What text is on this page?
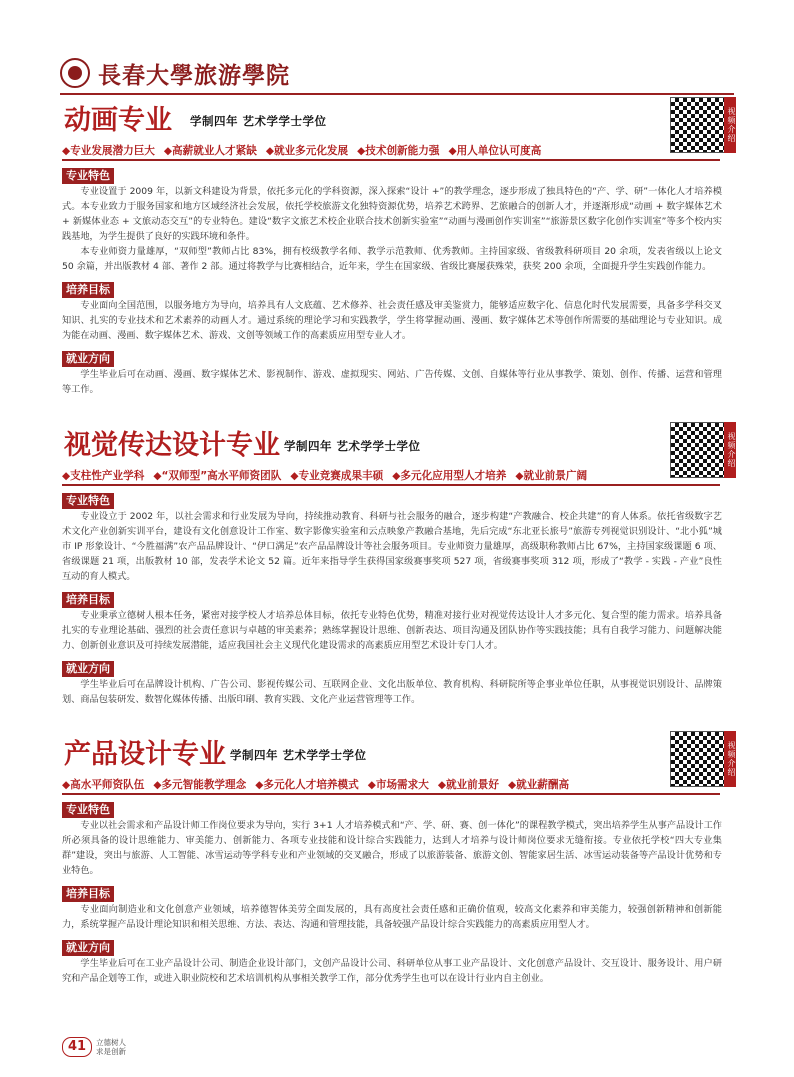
長春大學旅游學院
动画专业 学制四年 艺术学学士学位	视频介绍
◆专业发展潜力巨大 ◆高薪就业人才紧缺 ◆就业多元化发展 ◆技术创新能力强 ◆用人单位认可度高
专业特色

专业设置于 2009 年，以新文科建设为背景，依托多元化的学科资源，深入探索“设计 +”的教学理念，逐步形成了独具特色的“产、学、研”一体化人才培养模式。本专业致力于服务国家和地方区域经济社会发展，依托学校旅游文化独特资源优势，培养艺术跨界、艺旅融合的创新人才，并逐渐形成“动画 + 数字媒体艺术 + 新媒体业态 + 文旅动态交互”的专业特色。建设“数字文旅艺术校企业联合技术创新实验室”“动画与漫画创作实训室”“旅游景区数字化创作实训室”等多个校内实践基地，为学生提供了良好的实践环境和条件。

本专业师资力量雄厚，“双师型”教师占比 83%，拥有校级教学名师、教学示范教师、优秀教师。主持国家级、省级教科研项目 20 余项，发表省级以上论文 50 余篇，并出版教材 4 部、著作 2 部。通过将教学与比赛相结合，近年来，学生在国家级、省级比赛屡获殊荣，获奖 200 余项，全面提升学生实践创作能力。

培养目标

专业面向全国范围，以服务地方为导向，培养具有人文底蕴、艺术修养、社会责任感及审美鉴赏力，能够适应数字化、信息化时代发展需要，具备多学科交叉知识、扎实的专业技术和艺术素养的动画人才。通过系统的理论学习和实践教学，学生将掌握动画、漫画、数字媒体艺术等创作所需要的基础理论与专业知识。成为能在动画、漫画、数字媒体艺术、游戏、文创等领域工作的高素质应用型专业人才。

就业方向

学生毕业后可在动画、漫画、数字媒体艺术、影视制作、游戏、虚拟现实、网站、广告传媒、文创、自媒体等行业从事教学、策划、创作、传播、运营和管理等工作。

视觉传达设计专业 学制四年 艺术学学士学位	视频介绍
◆支柱性产业学科 ◆“双师型”高水平师资团队 ◆专业竞赛成果丰硕 ◆多元化应用型人才培养 ◆就业前景广阔
专业特色

专业设立于 2002 年，以社会需求和行业发展为导向，持续推动教育、科研与社会服务的融合，逐步构建“产教融合、校企共建”的育人体系。依托省级数字艺术文化产业创新实训平台，建设有文化创意设计工作室、数字影像实验室和云点映象产教融合基地，先后完成“东北亚长旅号”旅游专列视觉识别设计、“北小狐”城市 IP 形象设计、“今胜福满”农产品品牌设计、“伊口满足”农产品品牌设计等社会服务项目。专业师资力量雄厚，高级职称教师占比 67%，主持国家级课题 6 项、省级课题 21 项，出版教材 10 部，发表学术论文 52 篇。近年来指导学生获得国家级赛事奖项 527 项，省级赛事奖项 312 项，形成了“教学 - 实践 - 产业”良性互动的育人模式。

培养目标

专业秉承立德树人根本任务，紧密对接学校人才培养总体目标，依托专业特色优势，精准对接行业对视觉传达设计人才多元化、复合型的能力需求。培养具备扎实的专业理论基础、强烈的社会责任意识与卓越的审美素养；熟练掌握设计思维、创新表达、项目沟通及团队协作等实践技能；具有自我学习能力、问题解决能力、创新创业意识及可持续发展潜能，适应我国社会主义现代化建设需求的高素质应用型艺术设计专门人才。

就业方向

学生毕业后可在品牌设计机构、广告公司、影视传媒公司、互联网企业、文化出版单位、教育机构、科研院所等企事业单位任职，从事视觉识别设计、品牌策划、商品包装研发、数智化媒体传播、出版印刷、教育实践、文化产业运营管理等工作。

产品设计专业 学制四年 艺术学学士学位	视频介绍
◆高水平师资队伍 ◆多元智能教学理念 ◆多元化人才培养模式 ◆市场需求大 ◆就业前景好 ◆就业薪酬高
专业特色

专业以社会需求和产品设计师工作岗位要求为导向，实行 3+1 人才培养模式和“产、学、研、赛、创一体化”的课程教学模式，突出培养学生从事产品设计工作所必须具备的设计思维能力、审美能力、创新能力、各项专业技能和设计综合实践能力，达到人才培养与设计师岗位要求无缝衔接。专业依托学校“四大专业集群”建设，突出与旅游、人工智能、冰雪运动等学科专业和产业领域的交叉融合，形成了以旅游装备、旅游文创、智能家居生活、冰雪运动装备等产品设计优势和专业特色。

培养目标

专业面向制造业和文化创意产业领域，培养德智体美劳全面发展的，具有高度社会责任感和正确价值观，较高文化素养和审美能力，较强创新精神和创新能力，系统掌握产品设计理论知识和相关思维、方法、表达、沟通和管理技能，具备较强产品设计综合实践能力的高素质应用型人才。

就业方向

学生毕业后可在工业产品设计公司、制造企业设计部门，文创产品设计公司、科研单位从事工业产品设计、文化创意产品设计、交互设计、服务设计、用户研究和产品企划等工作，或进入职业院校和艺术培训机构从事相关教学工作，部分优秀学生也可以在设计行业内自主创业。

41	立德树人
求是创新
